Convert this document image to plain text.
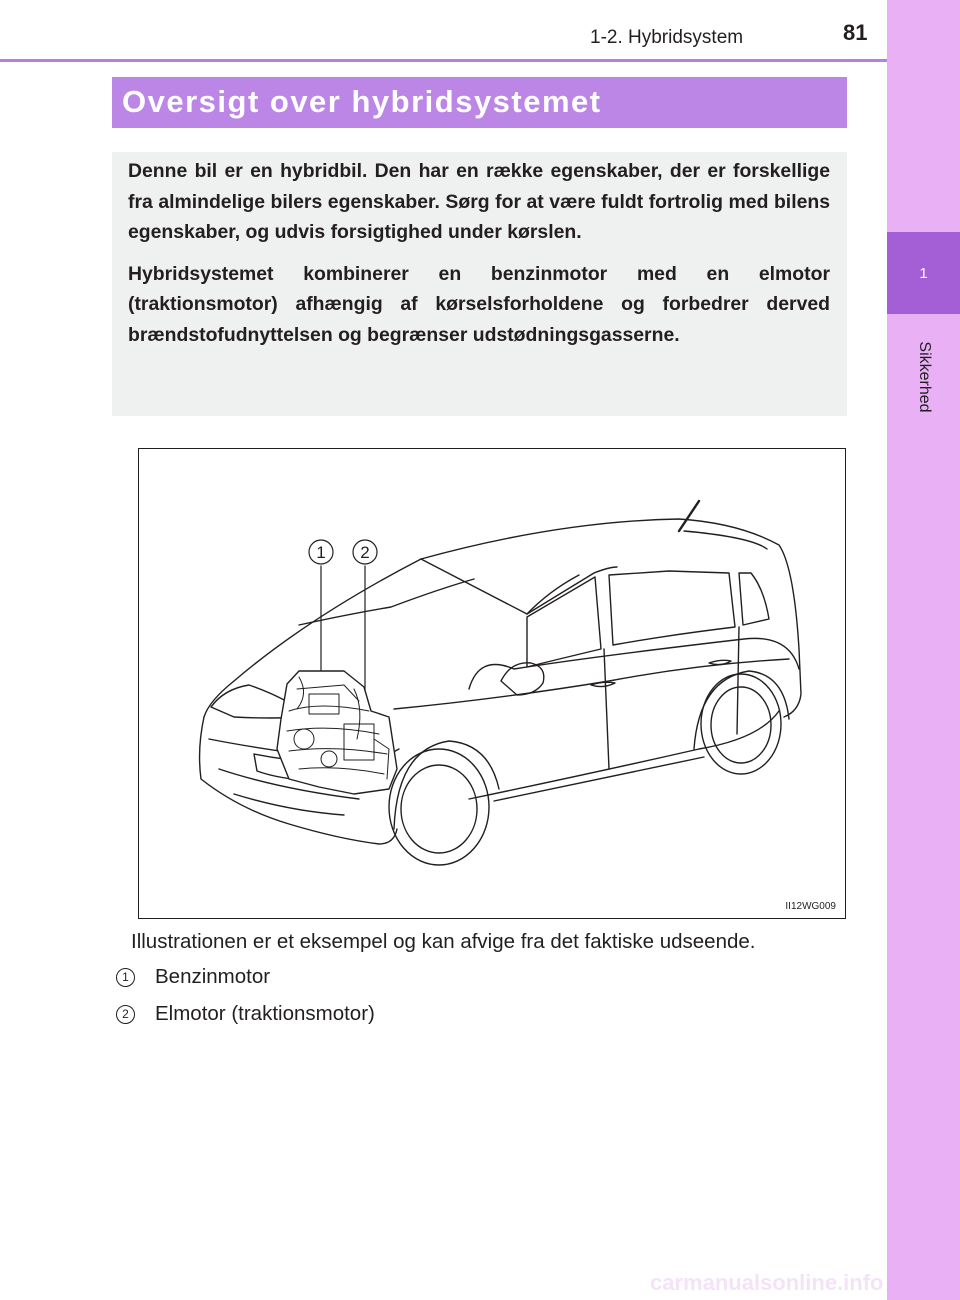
1
Sikkerhed
1-2. Hybridsystem	81
Oversigt over hybridsystemet

Denne bil er en hybridbil. Den har en række egenskaber, der er forskellige fra almindelige bilers egenskaber. Sørg for at være fuldt fortrolig med bilens egenskaber, og udvis forsigtighed under kørslen.

Hybridsystemet kombinerer en benzinmotor med en elmotor (traktionsmotor) afhængig af kørselsforholdene og forbedrer derved brændstofudnyttelsen og begrænser udstødningsgasserne.

1 2
II12WG009
Illustrationen er et eksempel og kan afvige fra det faktiske udseende.
1	Benzinmotor
2	Elmotor (traktionsmotor)
carmanualsonline.info
